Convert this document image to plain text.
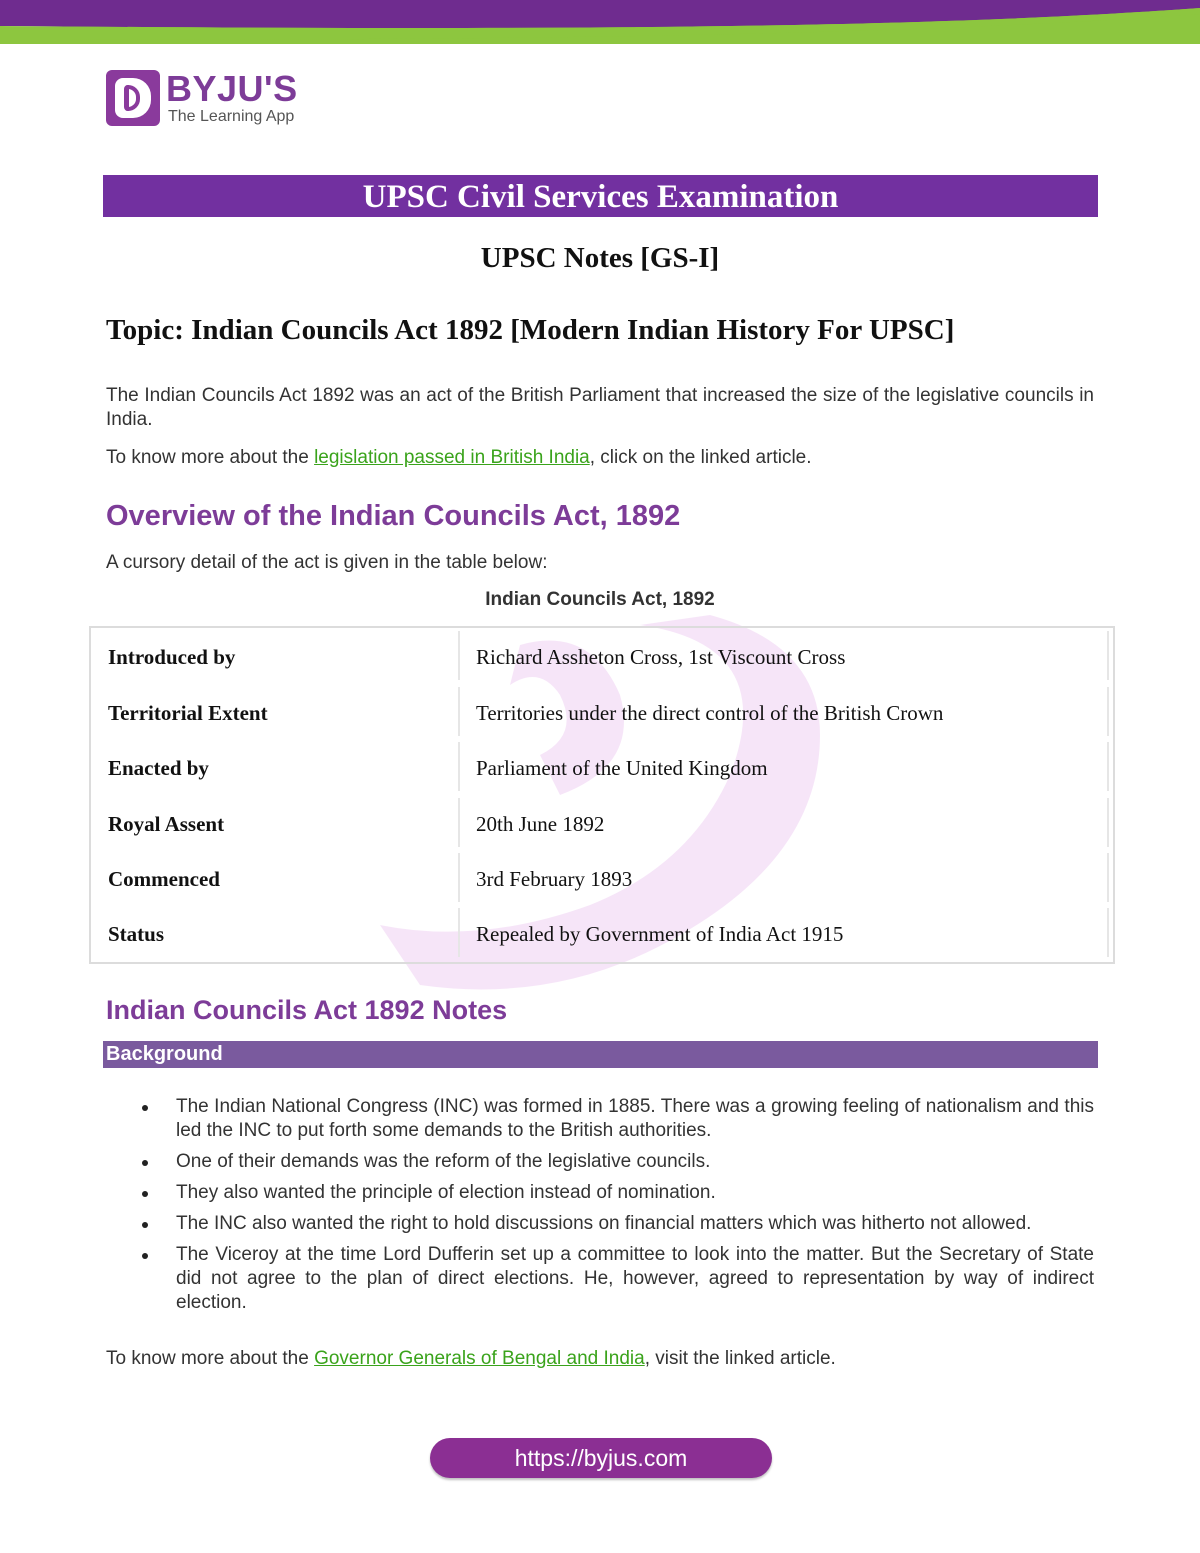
BYJU'S
The Learning App
UPSC Civil Services Examination
UPSC Notes [GS-I]
Topic: Indian Councils Act 1892 [Modern Indian History For UPSC]
The Indian Councils Act 1892 was an act of the British Parliament that increased the size of the legislative councils in India.
To know more about the legislation passed in British India, click on the linked article.
Overview of the Indian Councils Act, 1892
A cursory detail of the act is given in the table below:
Indian Councils Act, 1892
Introduced by	Richard Assheton Cross, 1st Viscount Cross
Territorial Extent	Territories under the direct control of the British Crown
Enacted by	Parliament of the United Kingdom
Royal Assent	20th June 1892
Commenced	3rd February 1893
Status	Repealed by Government of India Act 1915
Indian Councils Act 1892 Notes
Background
The Indian National Congress (INC) was formed in 1885. There was a growing feeling of nationalism and this led the INC to put forth some demands to the British authorities.
One of their demands was the reform of the legislative councils.
They also wanted the principle of election instead of nomination.
The INC also wanted the right to hold discussions on financial matters which was hitherto not allowed.
The Viceroy at the time Lord Dufferin set up a committee to look into the matter. But the Secretary of State did not agree to the plan of direct elections. He, however, agreed to representation by way of indirect election.
To know more about the Governor Generals of Bengal and India, visit the linked article.
https://byjus.com
